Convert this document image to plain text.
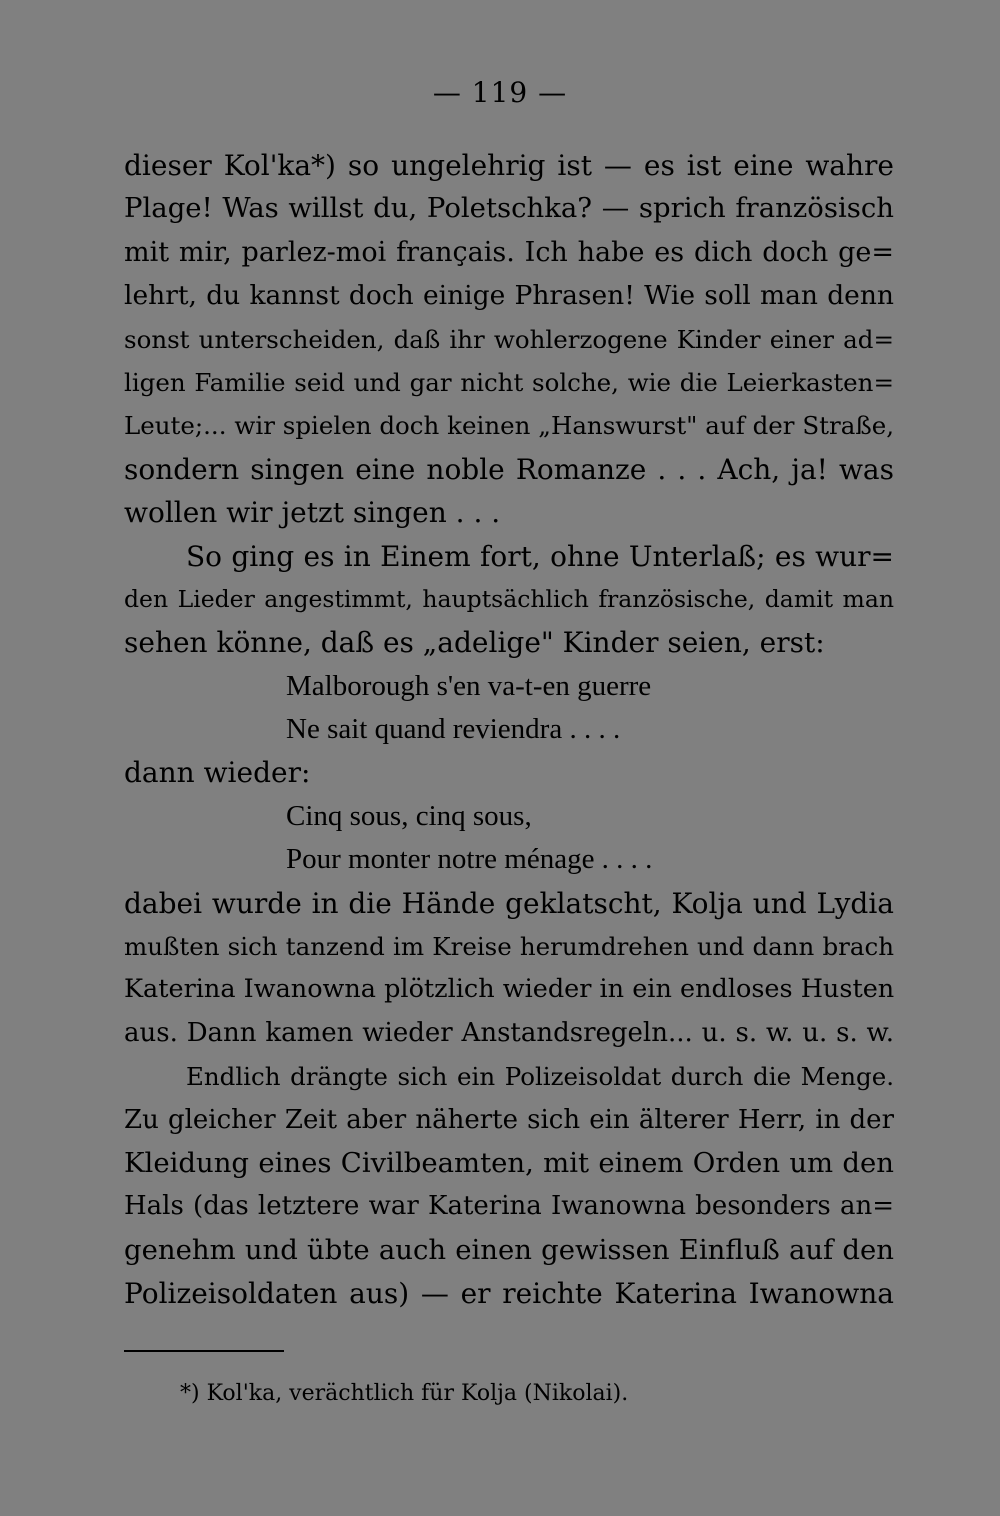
— 119 —
dieser Kol'ka*) so ungelehrig ist — es ist eine wahre
Plage! Was willst du, Poletschka? — sprich französisch
mit mir, parlez-moi français. Ich habe es dich doch ge=
lehrt, du kannst doch einige Phrasen! Wie soll man denn
sonst unterscheiden, daß ihr wohlerzogene Kinder einer ad=
ligen Familie seid und gar nicht solche, wie die Leierkasten=
Leute;... wir spielen doch keinen „Hanswurst" auf der Straße,
sondern singen eine noble Romanze . . . Ach, ja! was
wollen wir jetzt singen . . .
So ging es in Einem fort, ohne Unterlaß; es wur=
den Lieder angestimmt, hauptsächlich französische, damit man
sehen könne, daß es „adelige" Kinder seien, erst:
Malborough s'en va-t-en guerre
Ne sait quand reviendra . . . .
dann wieder:
Cinq sous, cinq sous,
Pour monter notre ménage . . . .
dabei wurde in die Hände geklatscht, Kolja und Lydia
mußten sich tanzend im Kreise herumdrehen und dann brach
Katerina Iwanowna plötzlich wieder in ein endloses Husten
aus. Dann kamen wieder Anstandsregeln... u. s. w. u. s. w.
Endlich drängte sich ein Polizeisoldat durch die Menge.
Zu gleicher Zeit aber näherte sich ein älterer Herr, in der
Kleidung eines Civilbeamten, mit einem Orden um den
Hals (das letztere war Katerina Iwanowna besonders an=
genehm und übte auch einen gewissen Einfluß auf den
Polizeisoldaten aus) — er reichte Katerina Iwanowna
*) Kol'ka, verächtlich für Kolja (Nikolai).
